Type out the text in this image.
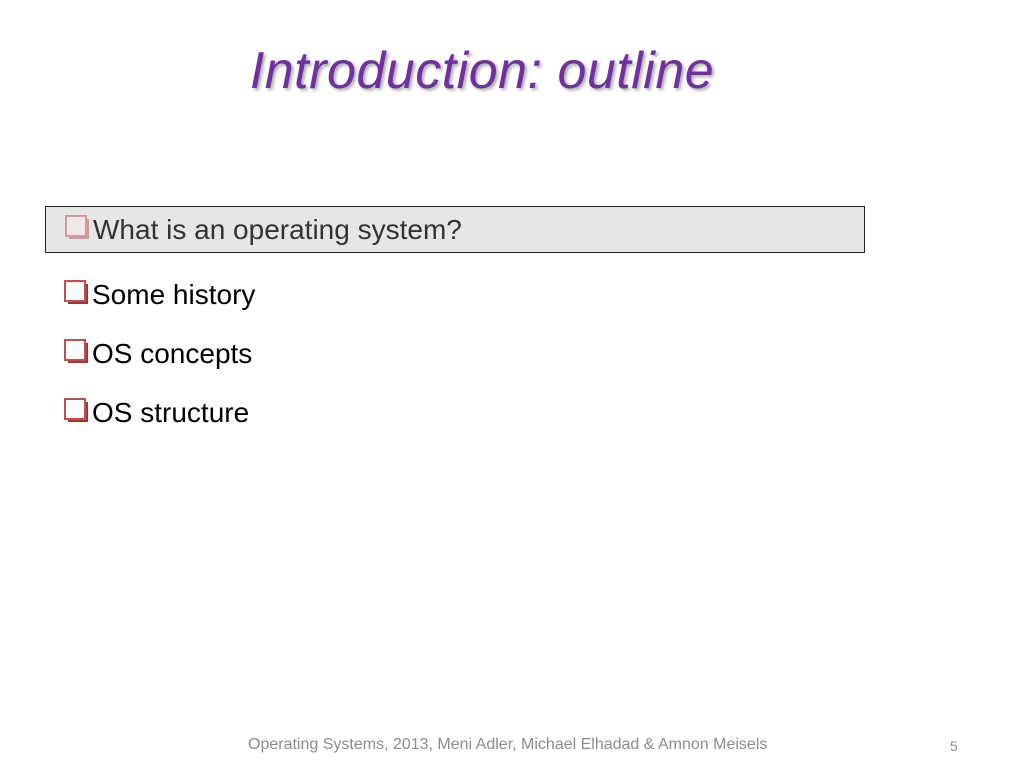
Introduction: outline
What is an operating system?
Some history
OS concepts
OS structure
Operating Systems, 2013, Meni Adler, Michael Elhadad & Amnon Meisels	5
